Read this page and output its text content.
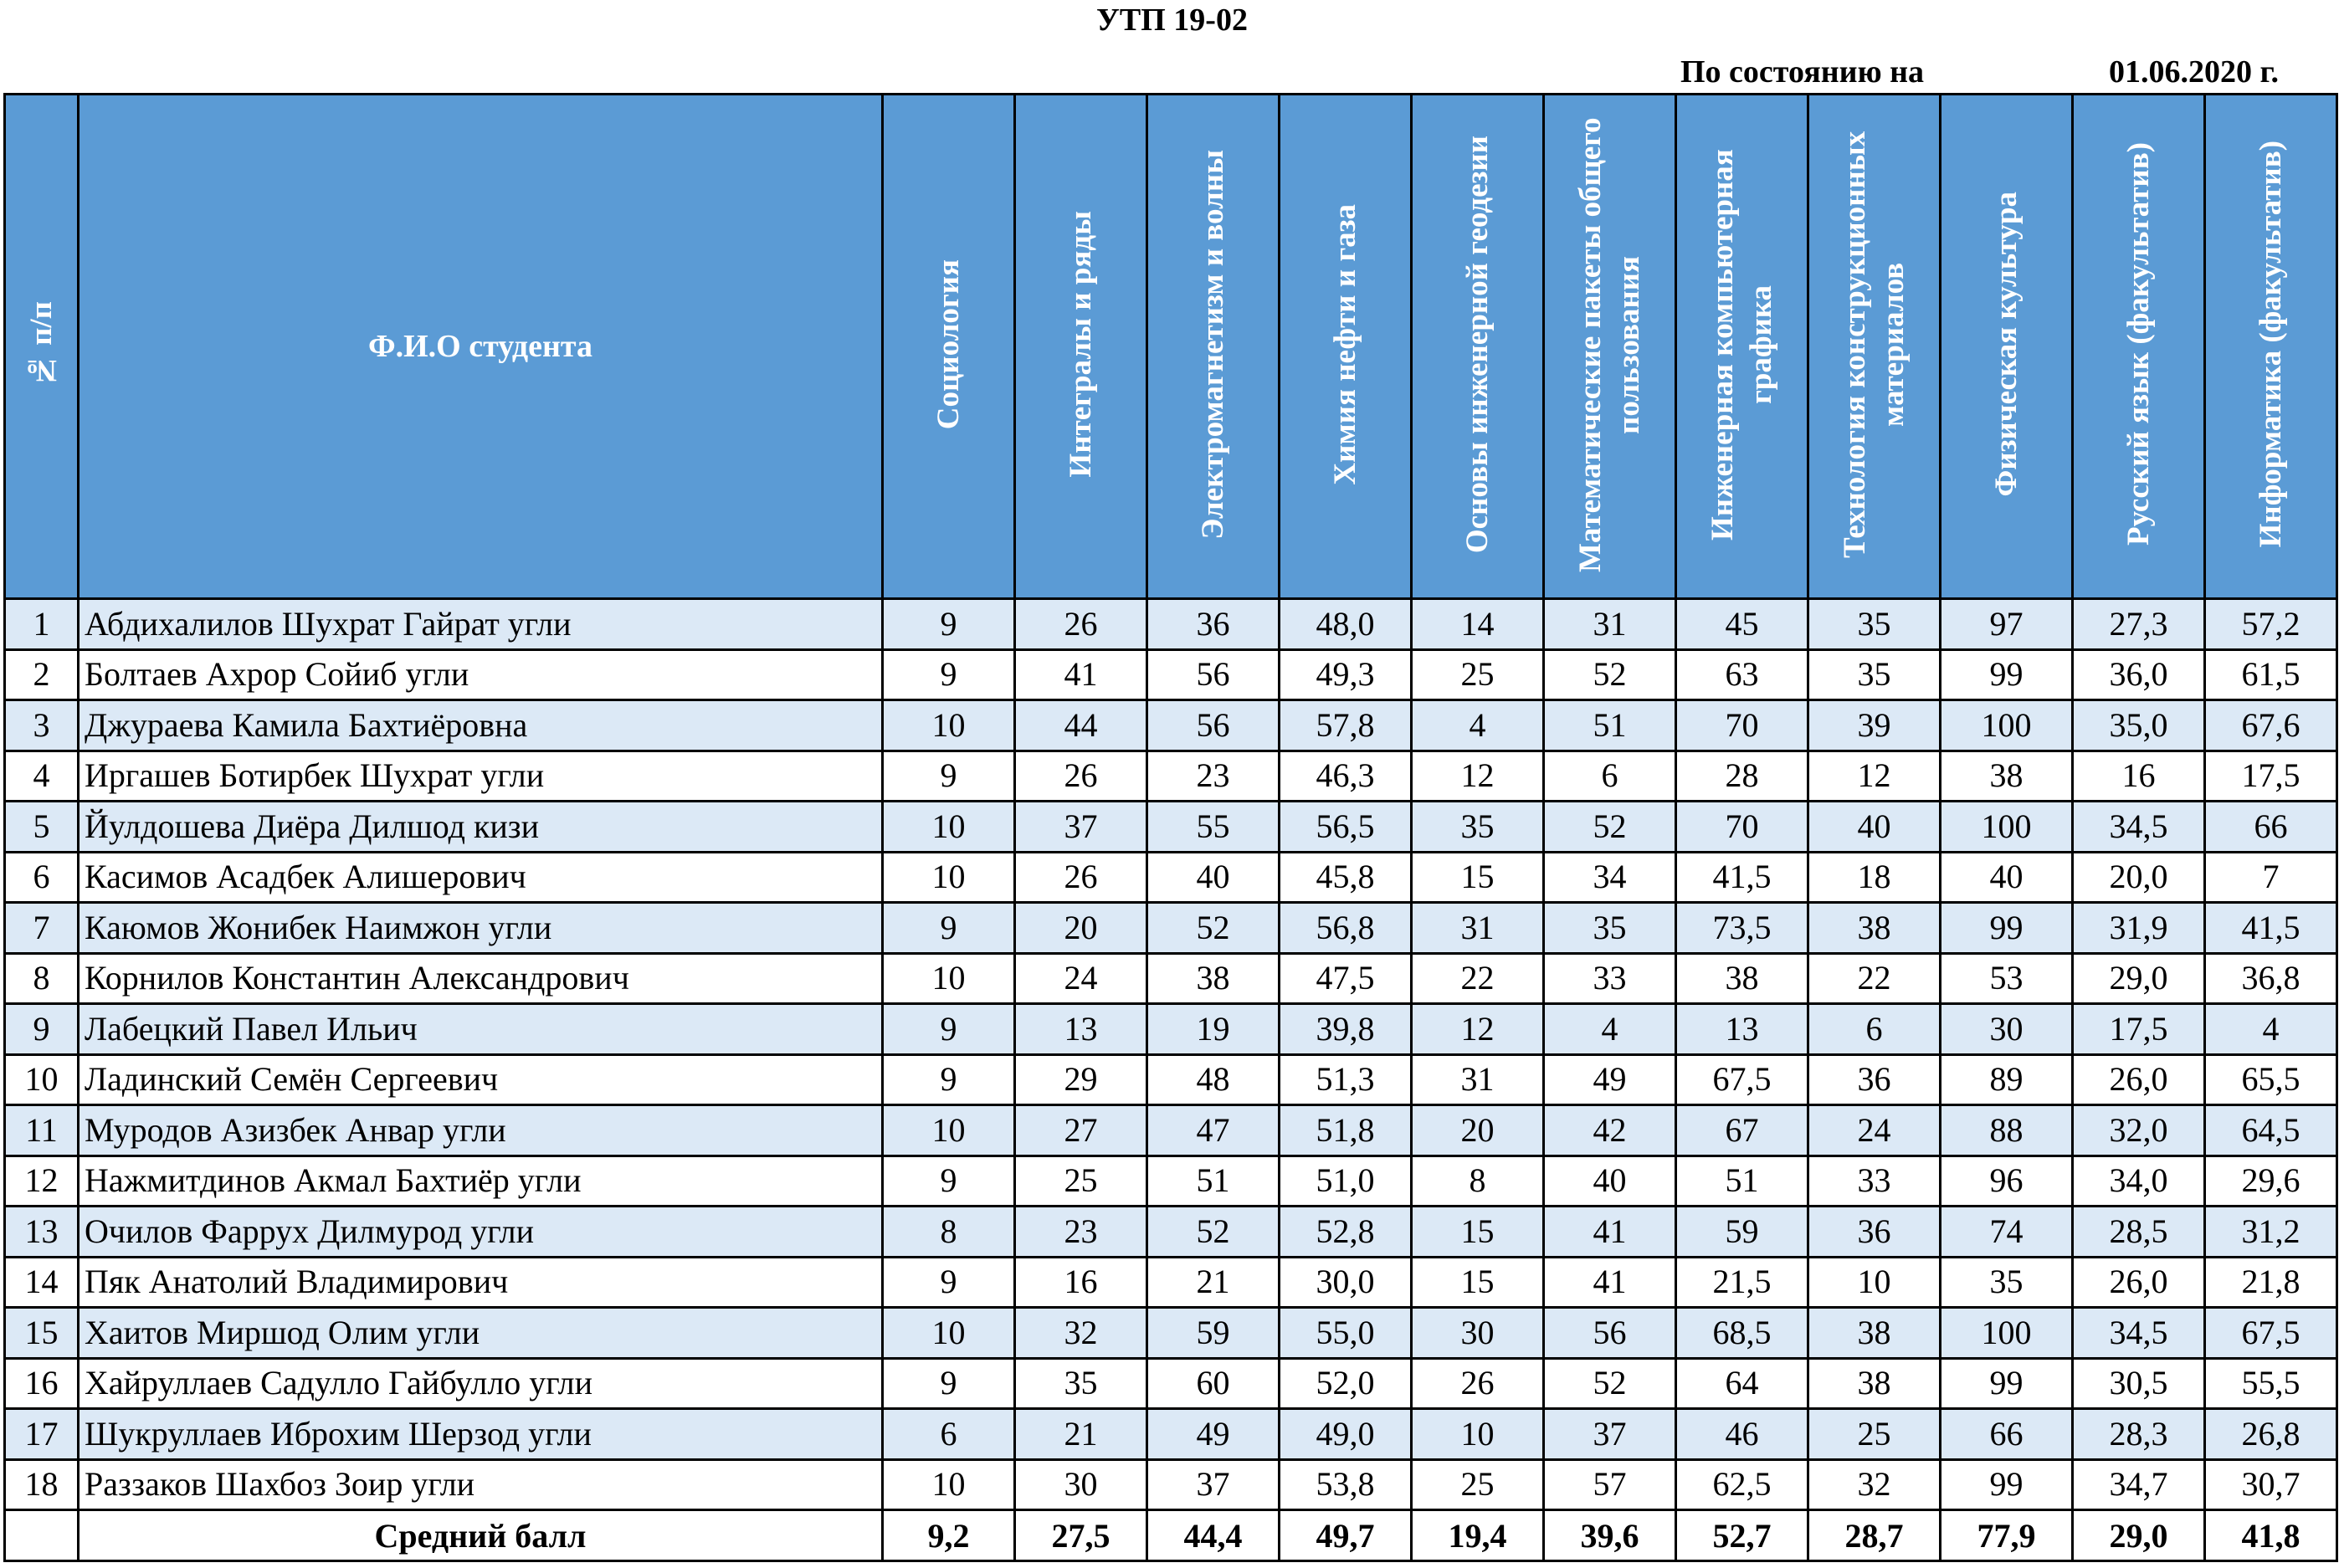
УТП 19-02
По состоянию на	01.06.2020 г.
№ п/п	Ф.И.О студента	Социология	Интегралы и ряды	Электромагнетизм и волны	Химия нефти и газа	Основы инженерной геодезии	Математические пакеты общего пользования	Инженерная компьютерная графика	Технология конструкционных материалов	Физическая культура	Русский язык (факультатив)	Информатика (факультатив)
1	Абдихалилов Шухрат Гайрат угли	9	26	36	48,0	14	31	45	35	97	27,3	57,2
2	Болтаев Ахрор Сойиб угли	9	41	56	49,3	25	52	63	35	99	36,0	61,5
3	Джураева Камила Бахтиёровна	10	44	56	57,8	4	51	70	39	100	35,0	67,6
4	Иргашев Ботирбек Шухрат угли	9	26	23	46,3	12	6	28	12	38	16	17,5
5	Йулдошева Диёра Дилшод кизи	10	37	55	56,5	35	52	70	40	100	34,5	66
6	Касимов Асадбек Алишерович	10	26	40	45,8	15	34	41,5	18	40	20,0	7
7	Каюмов Жонибек Наимжон угли	9	20	52	56,8	31	35	73,5	38	99	31,9	41,5
8	Корнилов Константин Александрович	10	24	38	47,5	22	33	38	22	53	29,0	36,8
9	Лабецкий Павел Ильич	9	13	19	39,8	12	4	13	6	30	17,5	4
10	Ладинский Семён Сергеевич	9	29	48	51,3	31	49	67,5	36	89	26,0	65,5
11	Муродов Азизбек Анвар угли	10	27	47	51,8	20	42	67	24	88	32,0	64,5
12	Нажмитдинов Акмал Бахтиёр угли	9	25	51	51,0	8	40	51	33	96	34,0	29,6
13	Очилов Фаррух Дилмурод угли	8	23	52	52,8	15	41	59	36	74	28,5	31,2
14	Пяк Анатолий Владимирович	9	16	21	30,0	15	41	21,5	10	35	26,0	21,8
15	Хаитов Миршод Олим угли	10	32	59	55,0	30	56	68,5	38	100	34,5	67,5
16	Хайруллаев Садулло Гайбулло угли	9	35	60	52,0	26	52	64	38	99	30,5	55,5
17	Шукруллаев Иброхим Шерзод угли	6	21	49	49,0	10	37	46	25	66	28,3	26,8
18	Раззаков Шахбоз Зоир угли	10	30	37	53,8	25	57	62,5	32	99	34,7	30,7
	Средний балл	9,2	27,5	44,4	49,7	19,4	39,6	52,7	28,7	77,9	29,0	41,8
